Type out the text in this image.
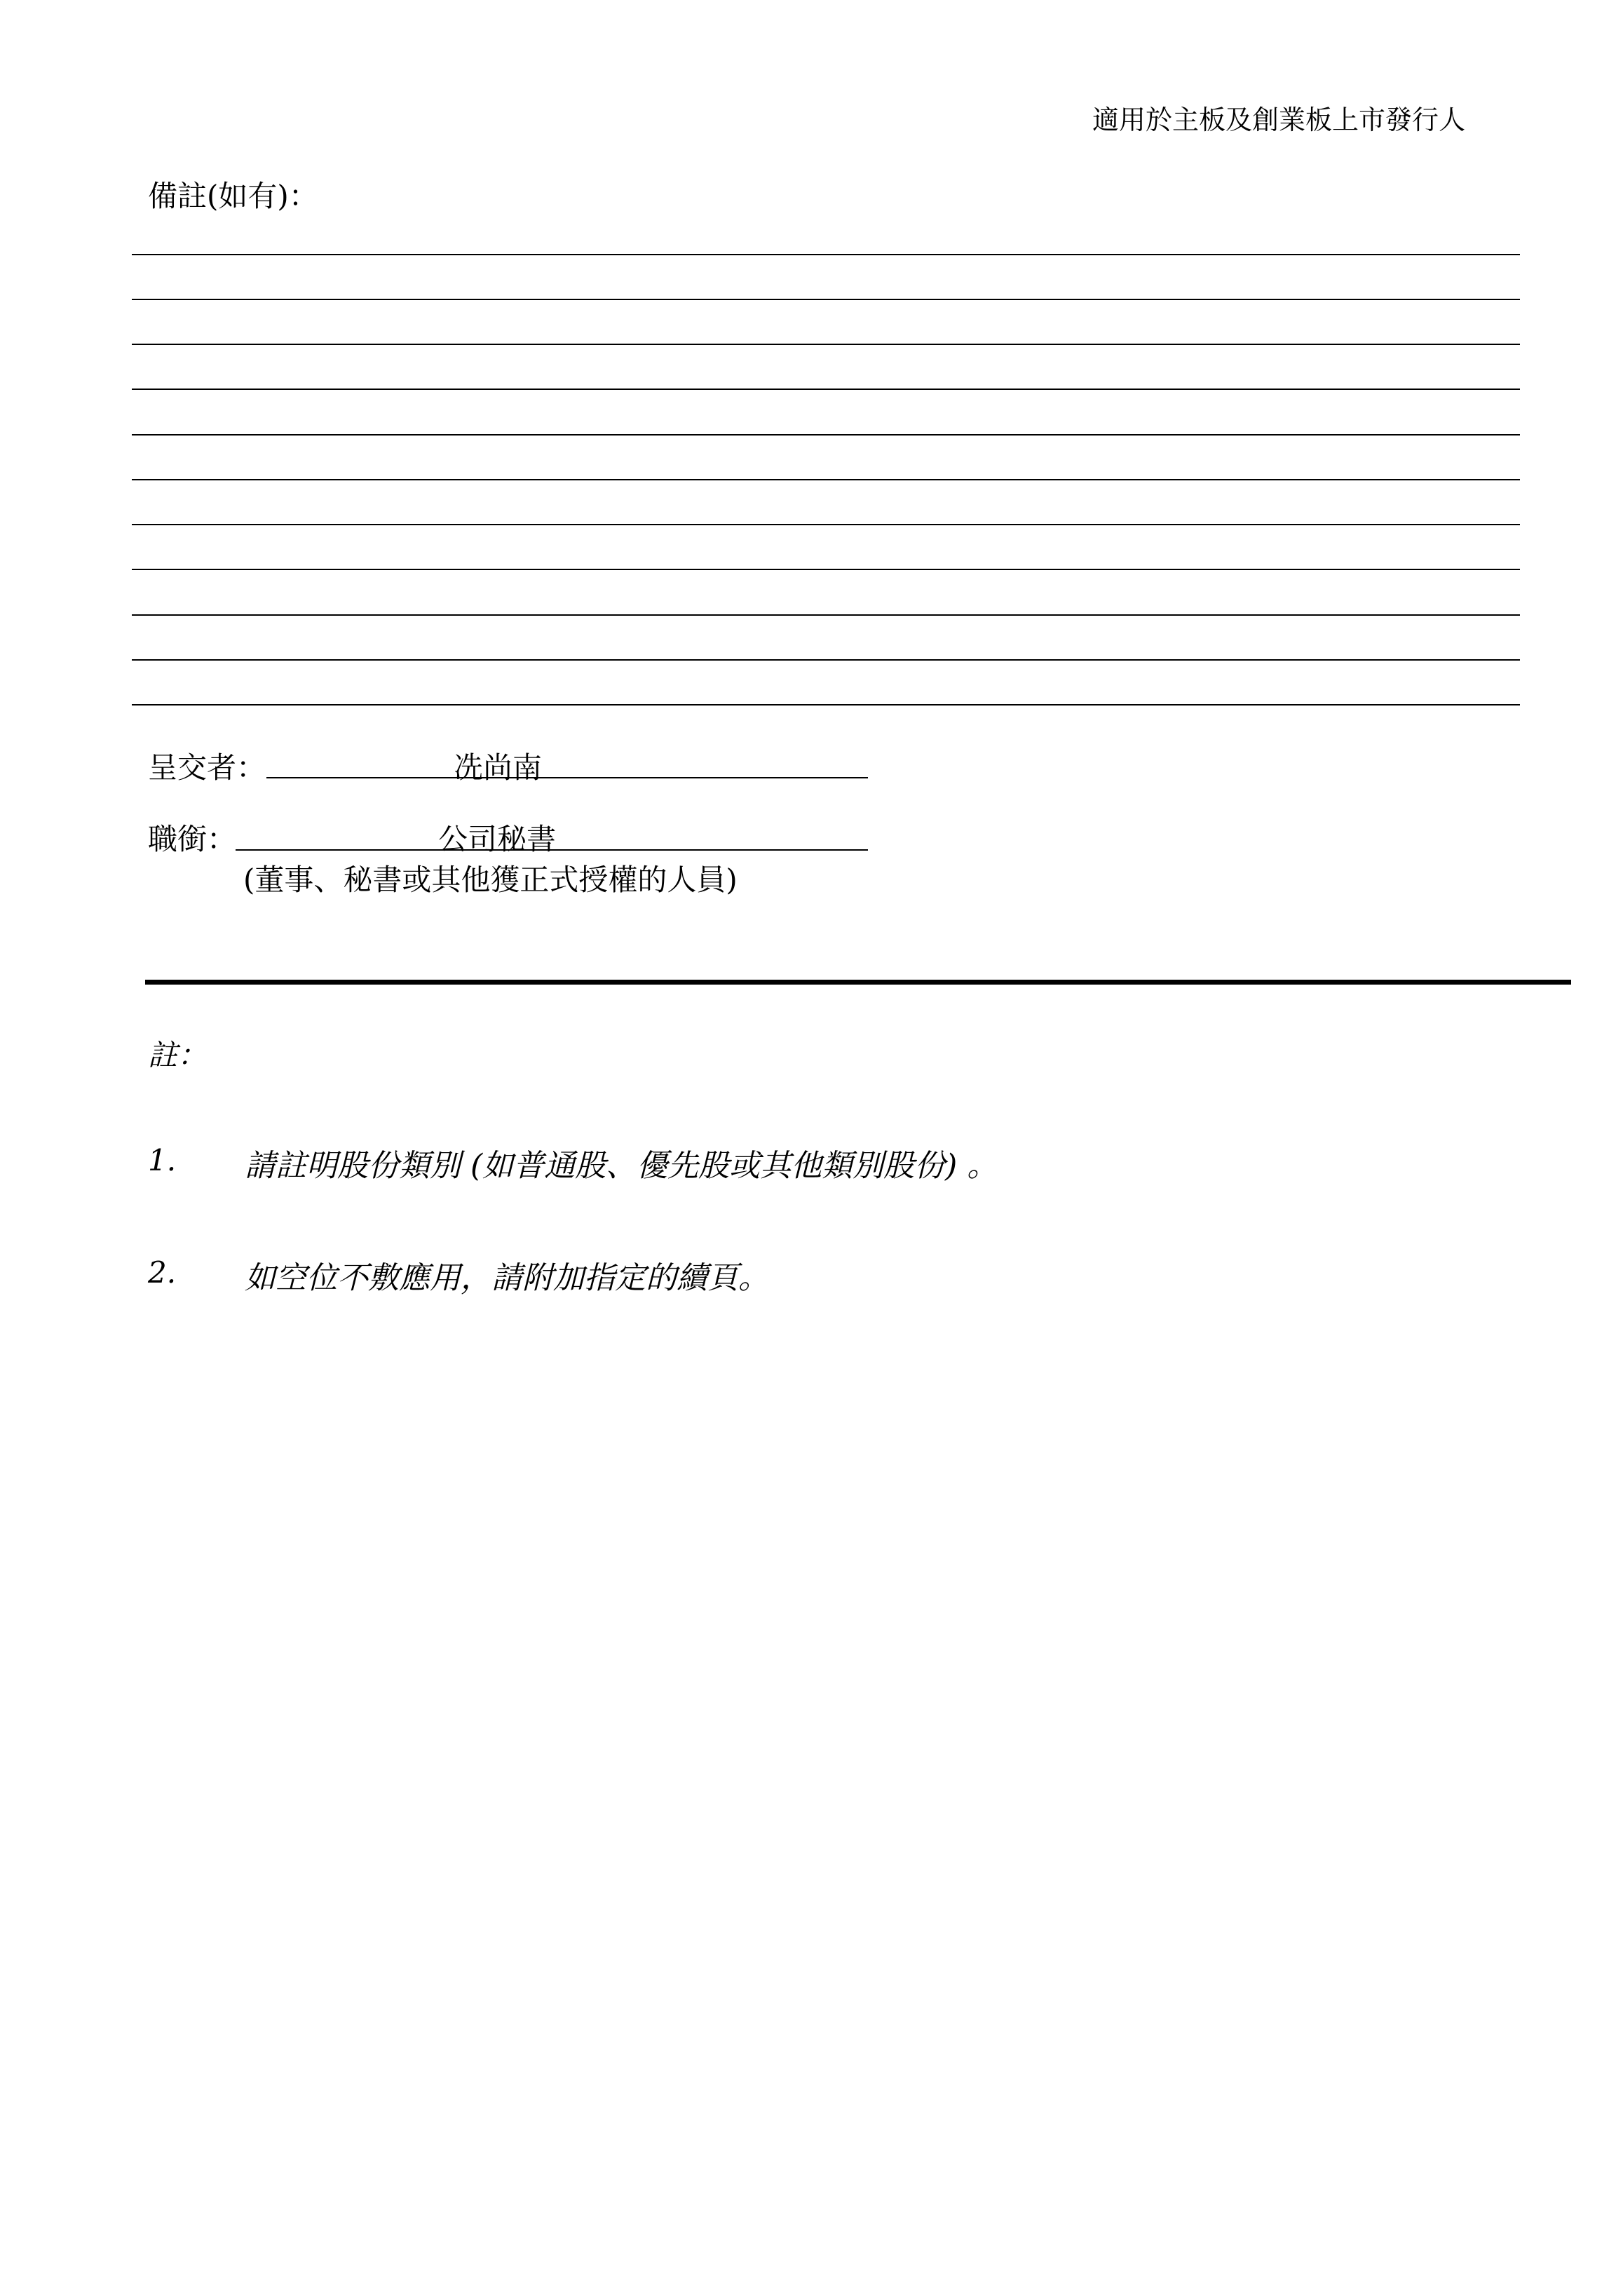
適用於主板及創業板上市發行人
備註(如有)：
呈交者：	冼尚南
職銜：	公司秘書
(董事、秘書或其他獲正式授權的人員)
註：
1. 請註明股份類別 (如普通股、優先股或其他類別股份) 。
2. 如空位不敷應用，請附加指定的續頁。
